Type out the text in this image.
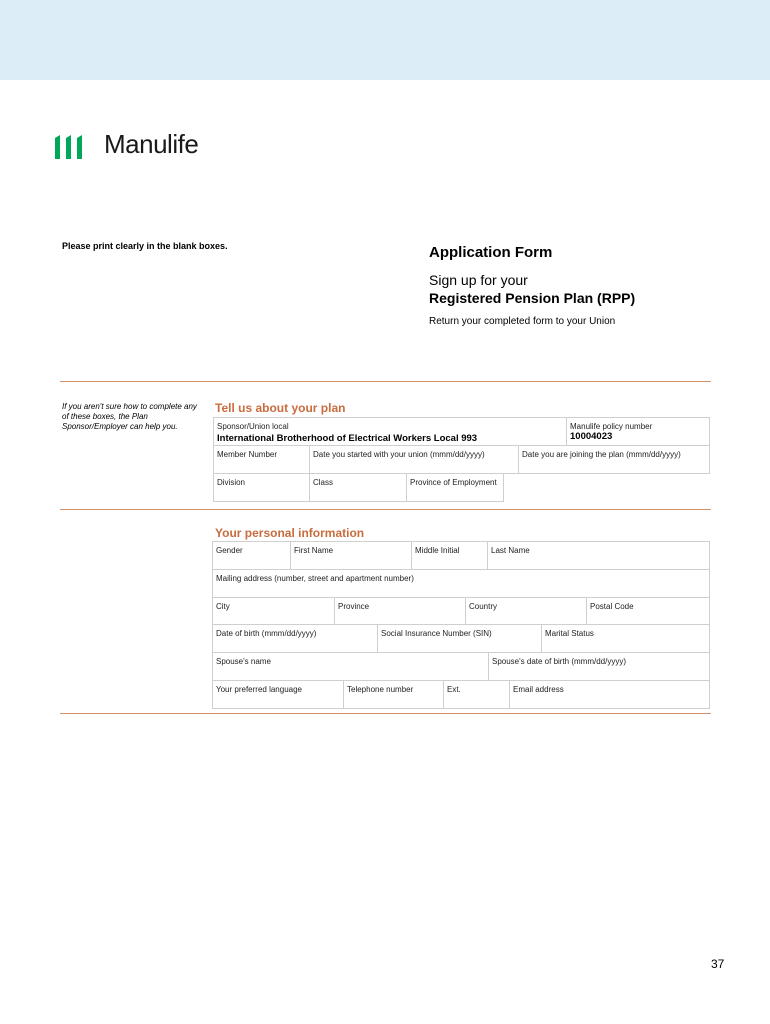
Manulife
Please print clearly in the blank boxes.	Application Form
Sign up for your
Registered Pension Plan (RPP)
Return your completed form to your Union
If you aren't sure how to complete any of these boxes, the Plan Sponsor/Employer can help you.
Tell us about your plan
Sponsor/Union local
International Brotherhood of Electrical Workers Local 993
Manulife policy number
10004023
Member Number	Date you started with your union (mmm/dd/yyyy)	Date you are joining the plan (mmm/dd/yyyy)
Division	Class	Province of Employment
Your personal information
Gender	First Name	Middle Initial	Last Name
Mailing address (number, street and apartment number)
City	Province	Country	Postal Code
Date of birth (mmm/dd/yyyy)	Social Insurance Number (SIN)	Marital Status
Spouse's name	Spouse's date of birth (mmm/dd/yyyy)
Your preferred language	Telephone number	Ext.	Email address
37
